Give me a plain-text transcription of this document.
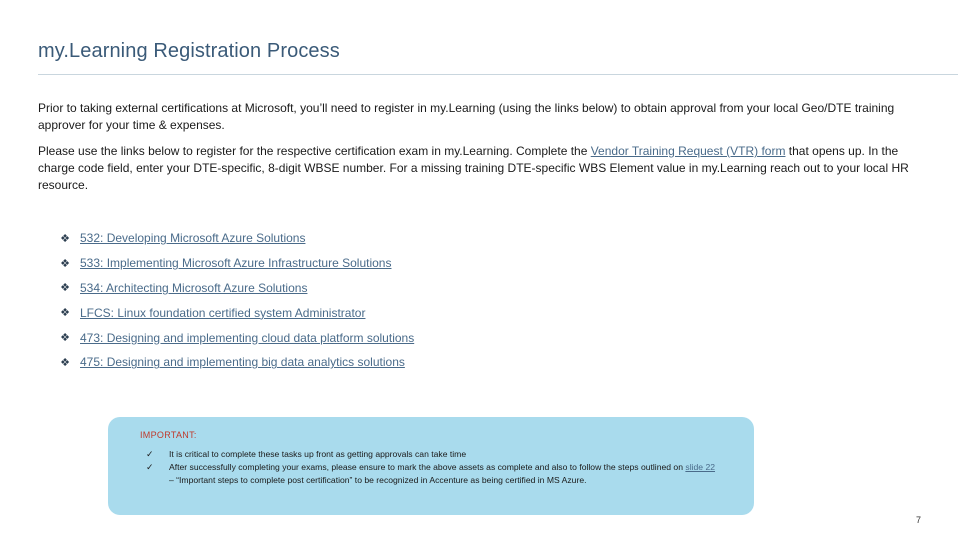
my.Learning Registration Process
Prior to taking external certifications at Microsoft, you’ll need to register in my.Learning (using the links below) to obtain approval from your local Geo/DTE training approver for your time & expenses.
Please use the links below to register for the respective certification exam in my.Learning. Complete the Vendor Training Request (VTR) form that opens up. In the charge code field, enter your DTE-specific, 8-digit WBSE number. For a missing training DTE-specific WBS Element value in my.Learning reach out to your local HR resource.
❖ 532: Developing Microsoft Azure Solutions
❖ 533: Implementing Microsoft Azure Infrastructure Solutions
❖ 534: Architecting Microsoft Azure Solutions
❖ LFCS: Linux foundation certified system Administrator
❖ 473: Designing and implementing cloud data platform solutions
❖ 475: Designing and implementing big data analytics solutions
IMPORTANT:
✓	It is critical to complete these tasks up front as getting approvals can take time
✓	After successfully completing your exams, please ensure to mark the above assets as complete and also to follow the steps outlined on slide 22 – “Important steps to complete post certification” to be recognized in Accenture as being certified in MS Azure.
7
